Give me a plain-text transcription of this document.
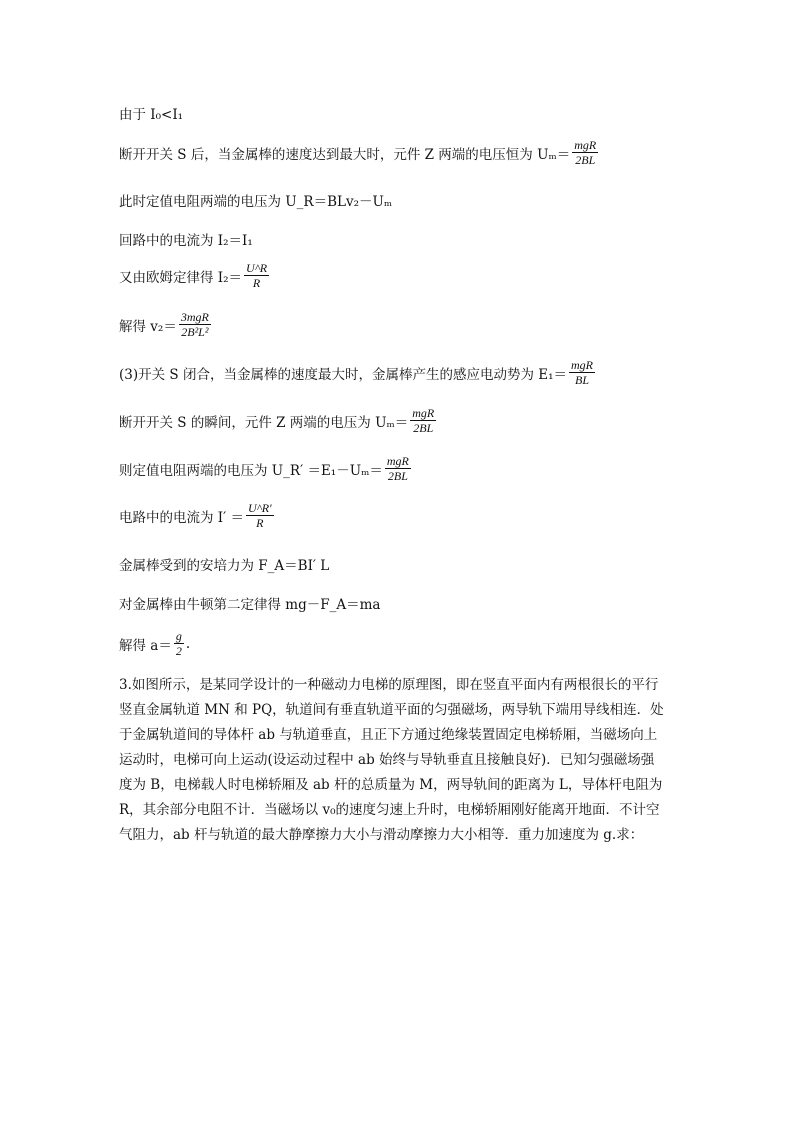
由于 I₀<I₁
断开开关 S 后，当金属棒的速度达到最大时，元件 Z 两端的电压恒为 $U_m= \frac{\text{mgR}}{2BL}$
此时定值电阻两端的电压为 U_R＝BLv₂－Uₘ
回路中的电流为 I₂＝I₁
又由欧姆定律得 $I_2= \frac{U\^{}R}{R}$
解得 $v_2= \frac{\text{3mgR}}{\text{2B²L²}}$
(3)开关 S 闭合，当金属棒的速度最大时，金属棒产生的感应电动势为 $E_1= \frac{\text{mgR}}{BL}$
断开开关 S 的瞬间，元件 Z 两端的电压为 $U_m= \frac{\text{mgR}}{2BL}$
则定值电阻两端的电压为 U_R′ $=E_1-U_m= \frac{\text{mgR}}{2BL}$
电路中的电流为 $I' = \frac{U\^{}R'}{R}$
金属棒受到的安培力为 F_A＝BI′ L
对金属棒由牛顿第二定律得 mg－F_A＝ma
解得 $a= \frac{g}{2}$ .
3.如图所示，是某同学设计的一种磁动力电梯的原理图，即在竖直平面内有两根很长的平行
竖直金属轨道 MN 和 PQ，轨道间有垂直轨道平面的匀强磁场，两导轨下端用导线相连．处
于金属轨道间的导体杆 ab 与轨道垂直，且正下方通过绝缘装置固定电梯轿厢，当磁场向上
运动时，电梯可向上运动(设运动过程中 ab 始终与导轨垂直且接触良好)．已知匀强磁场强
度为 B，电梯载人时电梯轿厢及 ab 杆的总质量为 M，两导轨间的距离为 L，导体杆电阻为
R，其余部分电阻不计．当磁场以 v₀的速度匀速上升时，电梯轿厢刚好能离开地面．不计空
气阻力，ab 杆与轨道的最大静摩擦力大小与滑动摩擦力大小相等．重力加速度为 g.求：
